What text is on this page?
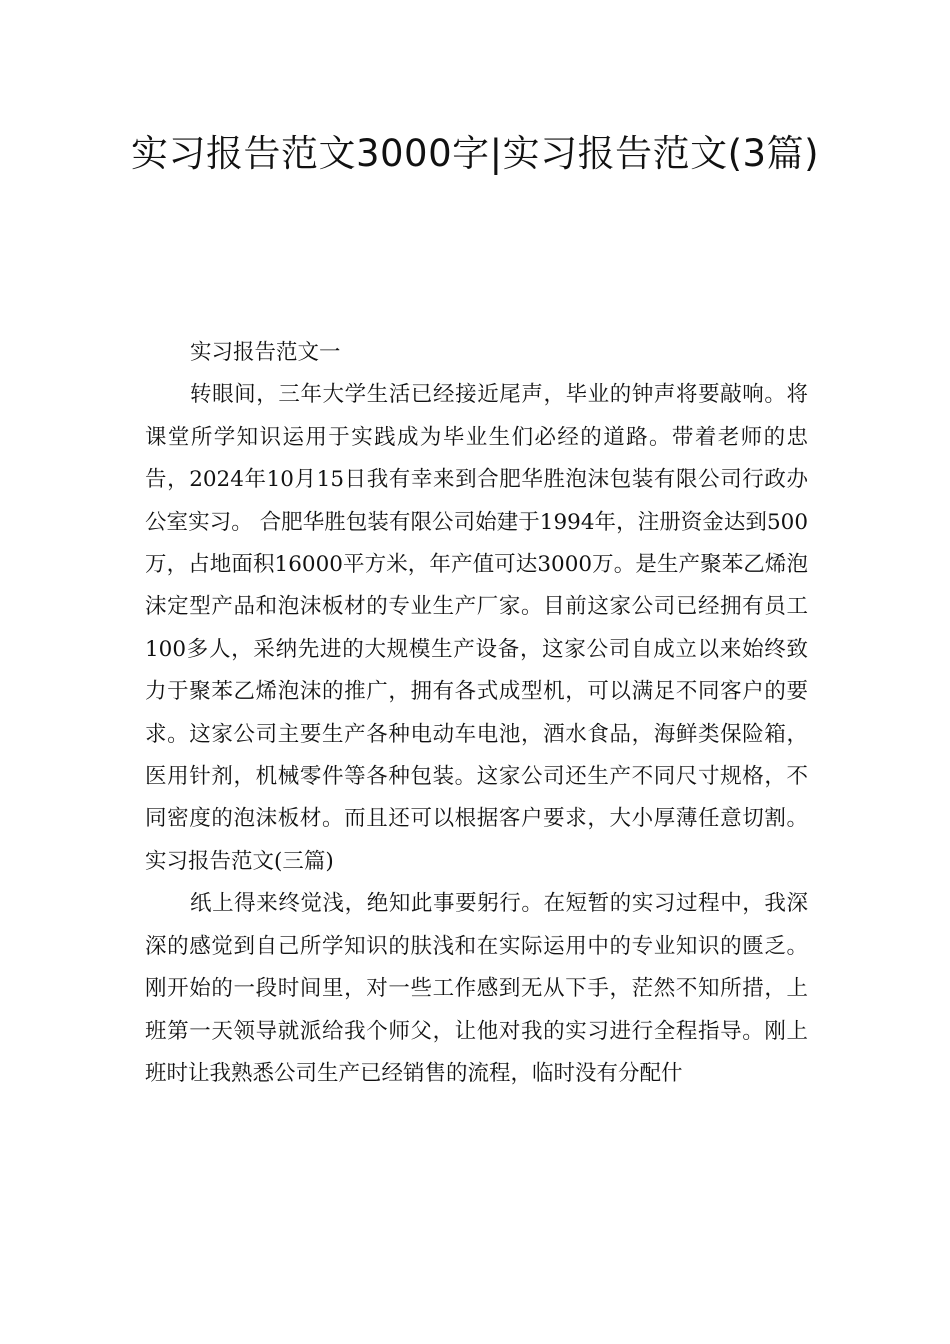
实习报告范文3000字|实习报告范文(3篇)

实习报告范文一

转眼间，三年大学生活已经接近尾声，毕业的钟声将要敲响。将课堂所学知识运用于实践成为毕业生们必经的道路。带着老师的忠告，2024年10月15日我有幸来到合肥华胜泡沫包装有限公司行政办公室实习。 合肥华胜包装有限公司始建于1994年，注册资金达到500万，占地面积16000平方米，年产值可达3000万。是生产聚苯乙烯泡沫定型产品和泡沫板材的专业生产厂家。目前这家公司已经拥有员工100多人，采纳先进的大规模生产设备，这家公司自成立以来始终致力于聚苯乙烯泡沫的推广，拥有各式成型机，可以满足不同客户的要求。这家公司主要生产各种电动车电池，酒水食品，海鲜类保险箱，医用针剂，机械零件等各种包装。这家公司还生产不同尺寸规格，不同密度的泡沫板材。而且还可以根据客户要求，大小厚薄任意切割。实习报告范文(三篇)

纸上得来终觉浅，绝知此事要躬行。在短暂的实习过程中，我深深的感觉到自己所学知识的肤浅和在实际运用中的专业知识的匮乏。刚开始的一段时间里，对一些工作感到无从下手，茫然不知所措，上班第一天领导就派给我个师父，让他对我的实习进行全程指导。刚上班时让我熟悉公司生产已经销售的流程，临时没有分配什
